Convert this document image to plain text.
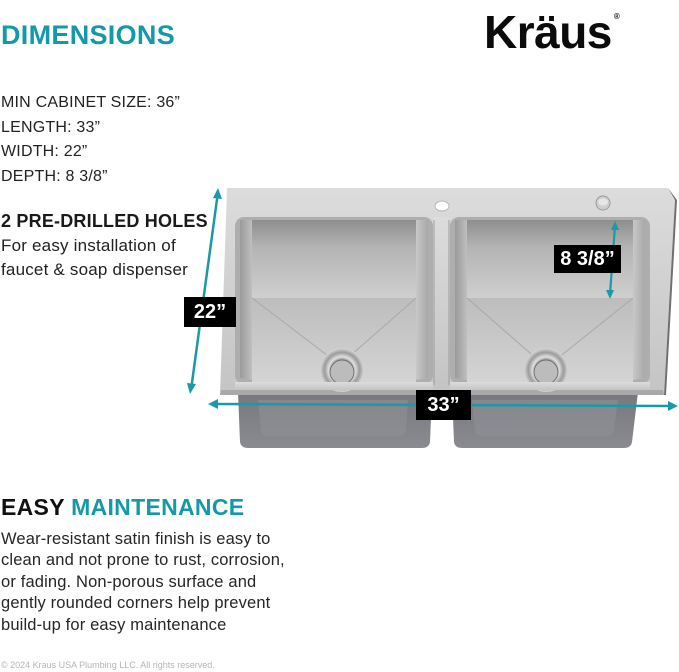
DIMENSIONS	Kräus ®
MIN CABINET SIZE: 36”
LENGTH: 33”
WIDTH: 22”
DEPTH: 8 3/8”
2 PRE-DRILLED HOLES
For easy installation of
faucet & soap dispenser
22”
8 3/8”
33”
EASY MAINTENANCE
Wear-resistant satin finish is easy to
clean and not prone to rust, corrosion,
or fading. Non-porous surface and
gently rounded corners help prevent
build-up for easy maintenance
© 2024 Kraus USA Plumbing LLC. All rights reserved.
